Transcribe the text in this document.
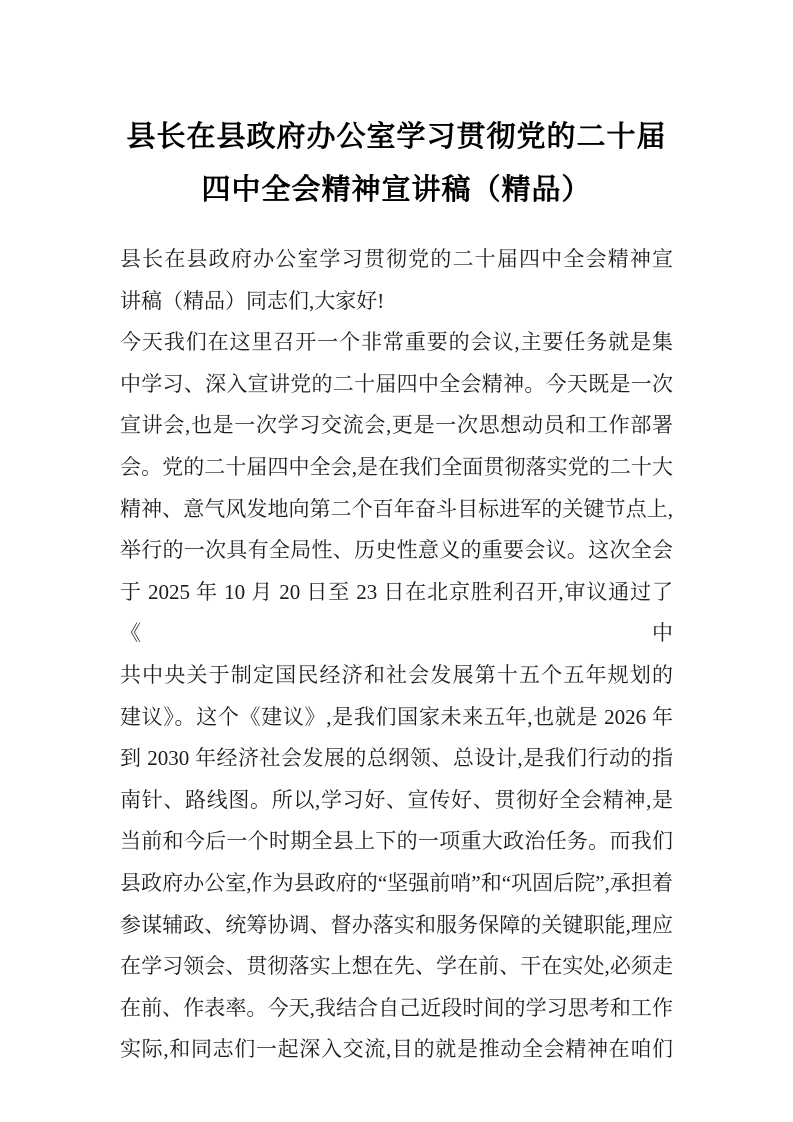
县长在县政府办公室学习贯彻党的二十届
四中全会精神宣讲稿（精品）
县长在县政府办公室学习贯彻党的二十届四中全会精神宣
讲稿（精品）同志们,大家好!
今天我们在这里召开一个非常重要的会议,主要任务就是集
中学习、深入宣讲党的二十届四中全会精神。今天既是一次
宣讲会,也是一次学习交流会,更是一次思想动员和工作部署
会。党的二十届四中全会,是在我们全面贯彻落实党的二十大
精神、意气风发地向第二个百年奋斗目标进军的关键节点上,
举行的一次具有全局性、历史性意义的重要会议。这次全会
于 2025 年 10 月 20 日至 23 日在北京胜利召开,审议通过了《中
共中央关于制定国民经济和社会发展第十五个五年规划的
建议》。这个《建议》,是我们国家未来五年,也就是 2026 年
到 2030 年经济社会发展的总纲领、总设计,是我们行动的指
南针、路线图。所以,学习好、宣传好、贯彻好全会精神,是
当前和今后一个时期全县上下的一项重大政治任务。而我们
县政府办公室,作为县政府的“坚强前哨”和“巩固后院”,承担着
参谋辅政、统筹协调、督办落实和服务保障的关键职能,理应
在学习领会、贯彻落实上想在先、学在前、干在实处,必须走
在前、作表率。今天,我结合自己近段时间的学习思考和工作
实际,和同志们一起深入交流,目的就是推动全会精神在咱们
